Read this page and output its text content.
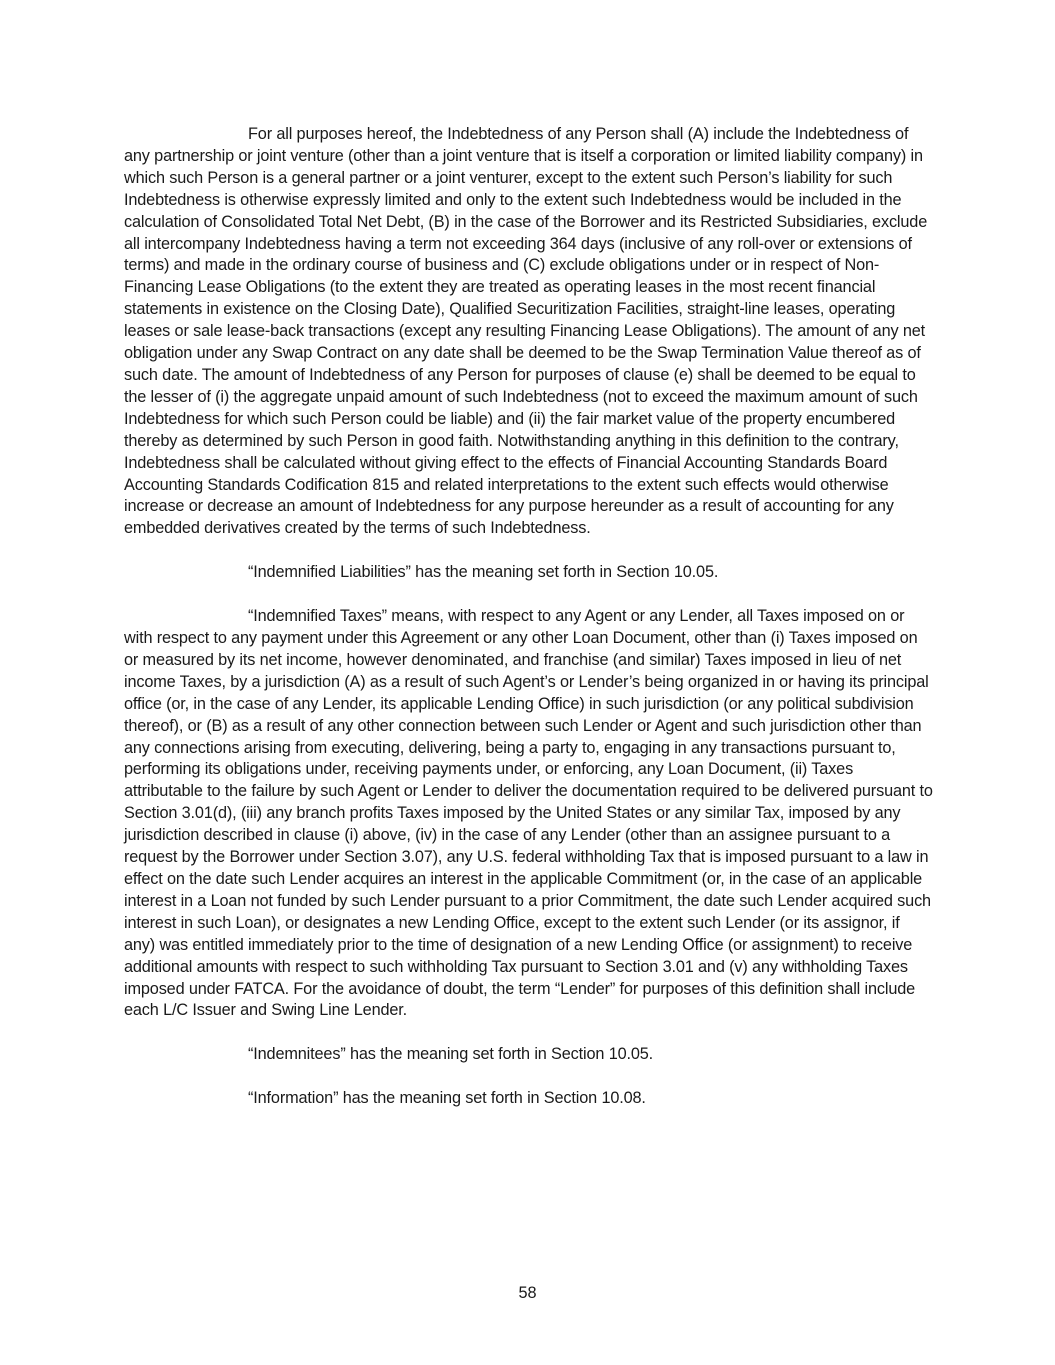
For all purposes hereof, the Indebtedness of any Person shall (A) include the Indebtedness of any partnership or joint venture (other than a joint venture that is itself a corporation or limited liability company) in which such Person is a general partner or a joint venturer, except to the extent such Person’s liability for such Indebtedness is otherwise expressly limited and only to the extent such Indebtedness would be included in the calculation of Consolidated Total Net Debt, (B) in the case of the Borrower and its Restricted Subsidiaries, exclude all intercompany Indebtedness having a term not exceeding 364 days (inclusive of any roll-over or extensions of terms) and made in the ordinary course of business and (C) exclude obligations under or in respect of Non-Financing Lease Obligations (to the extent they are treated as operating leases in the most recent financial statements in existence on the Closing Date), Qualified Securitization Facilities, straight-line leases, operating leases or sale lease-back transactions (except any resulting Financing Lease Obligations). The amount of any net obligation under any Swap Contract on any date shall be deemed to be the Swap Termination Value thereof as of such date. The amount of Indebtedness of any Person for purposes of clause (e) shall be deemed to be equal to the lesser of (i) the aggregate unpaid amount of such Indebtedness (not to exceed the maximum amount of such Indebtedness for which such Person could be liable) and (ii) the fair market value of the property encumbered thereby as determined by such Person in good faith. Notwithstanding anything in this definition to the contrary, Indebtedness shall be calculated without giving effect to the effects of Financial Accounting Standards Board Accounting Standards Codification 815 and related interpretations to the extent such effects would otherwise increase or decrease an amount of Indebtedness for any purpose hereunder as a result of accounting for any embedded derivatives created by the terms of such Indebtedness.

“Indemnified Liabilities” has the meaning set forth in Section 10.05.

“Indemnified Taxes” means, with respect to any Agent or any Lender, all Taxes imposed on or with respect to any payment under this Agreement or any other Loan Document, other than (i) Taxes imposed on or measured by its net income, however denominated, and franchise (and similar) Taxes imposed in lieu of net income Taxes, by a jurisdiction (A) as a result of such Agent’s or Lender’s being organized in or having its principal office (or, in the case of any Lender, its applicable Lending Office) in such jurisdiction (or any political subdivision thereof), or (B) as a result of any other connection between such Lender or Agent and such jurisdiction other than any connections arising from executing, delivering, being a party to, engaging in any transactions pursuant to, performing its obligations under, receiving payments under, or enforcing, any Loan Document, (ii) Taxes attributable to the failure by such Agent or Lender to deliver the documentation required to be delivered pursuant to Section 3.01(d), (iii) any branch profits Taxes imposed by the United States or any similar Tax, imposed by any jurisdiction described in clause (i) above, (iv) in the case of any Lender (other than an assignee pursuant to a request by the Borrower under Section 3.07), any U.S. federal withholding Tax that is imposed pursuant to a law in effect on the date such Lender acquires an interest in the applicable Commitment (or, in the case of an applicable interest in a Loan not funded by such Lender pursuant to a prior Commitment, the date such Lender acquired such interest in such Loan), or designates a new Lending Office, except to the extent such Lender (or its assignor, if any) was entitled immediately prior to the time of designation of a new Lending Office (or assignment) to receive additional amounts with respect to such withholding Tax pursuant to Section 3.01 and (v) any withholding Taxes imposed under FATCA. For the avoidance of doubt, the term “Lender” for purposes of this definition shall include each L/C Issuer and Swing Line Lender.

“Indemnitees” has the meaning set forth in Section 10.05.

“Information” has the meaning set forth in Section 10.08.

58
